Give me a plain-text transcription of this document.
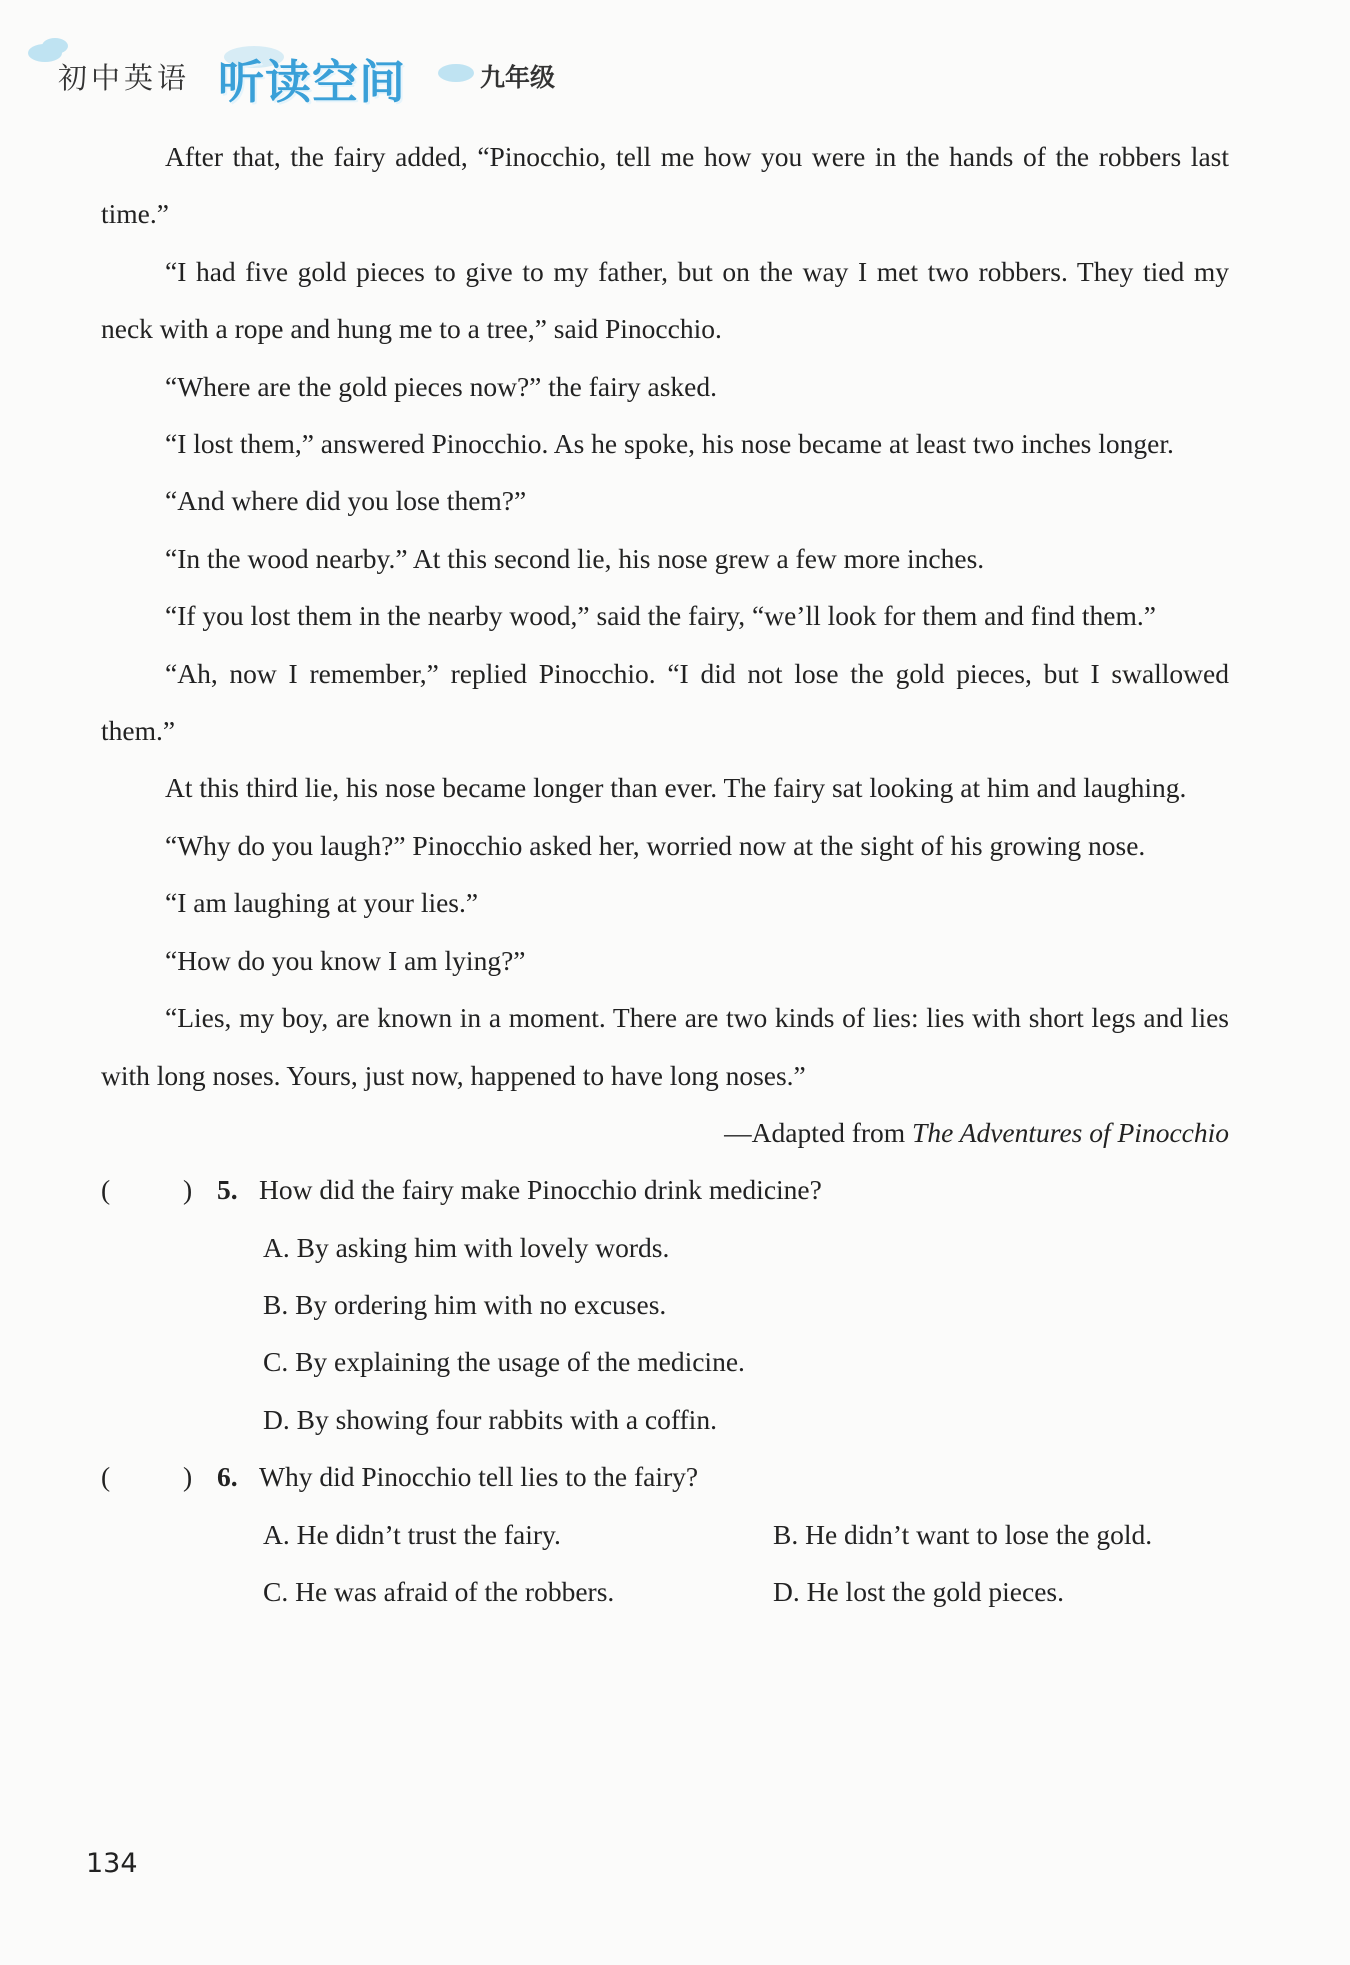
初中英语 听读空间	九年级

After that, the fairy added, “Pinocchio, tell me how you were in the hands of the robbers last time.”

“I had five gold pieces to give to my father, but on the way I met two robbers. They tied my neck with a rope and hung me to a tree,” said Pinocchio.

“Where are the gold pieces now?” the fairy asked.

“I lost them,” answered Pinocchio. As he spoke, his nose became at least two inches longer.

“And where did you lose them?”

“In the wood nearby.” At this second lie, his nose grew a few more inches.

“If you lost them in the nearby wood,” said the fairy, “we’ll look for them and find them.”

“Ah, now I remember,” replied Pinocchio. “I did not lose the gold pieces, but I swallowed them.”

At this third lie, his nose became longer than ever. The fairy sat looking at him and laughing.

“Why do you laugh?” Pinocchio asked her, worried now at the sight of his growing nose.

“I am laughing at your lies.”

“How do you know I am lying?”

“Lies, my boy, are known in a moment. There are two kinds of lies: lies with short legs and lies with long noses. Yours, just now, happened to have long noses.”

—Adapted from The Adventures of Pinocchio

(	) 5. How did the fairy make Pinocchio drink medicine?
A. By asking him with lovely words.
B. By ordering him with no excuses.
C. By explaining the usage of the medicine.
D. By showing four rabbits with a coffin.
(	) 6. Why did Pinocchio tell lies to the fairy?
A. He didn’t trust the fairy.	B. He didn’t want to lose the gold.
C. He was afraid of the robbers.	D. He lost the gold pieces.
134
